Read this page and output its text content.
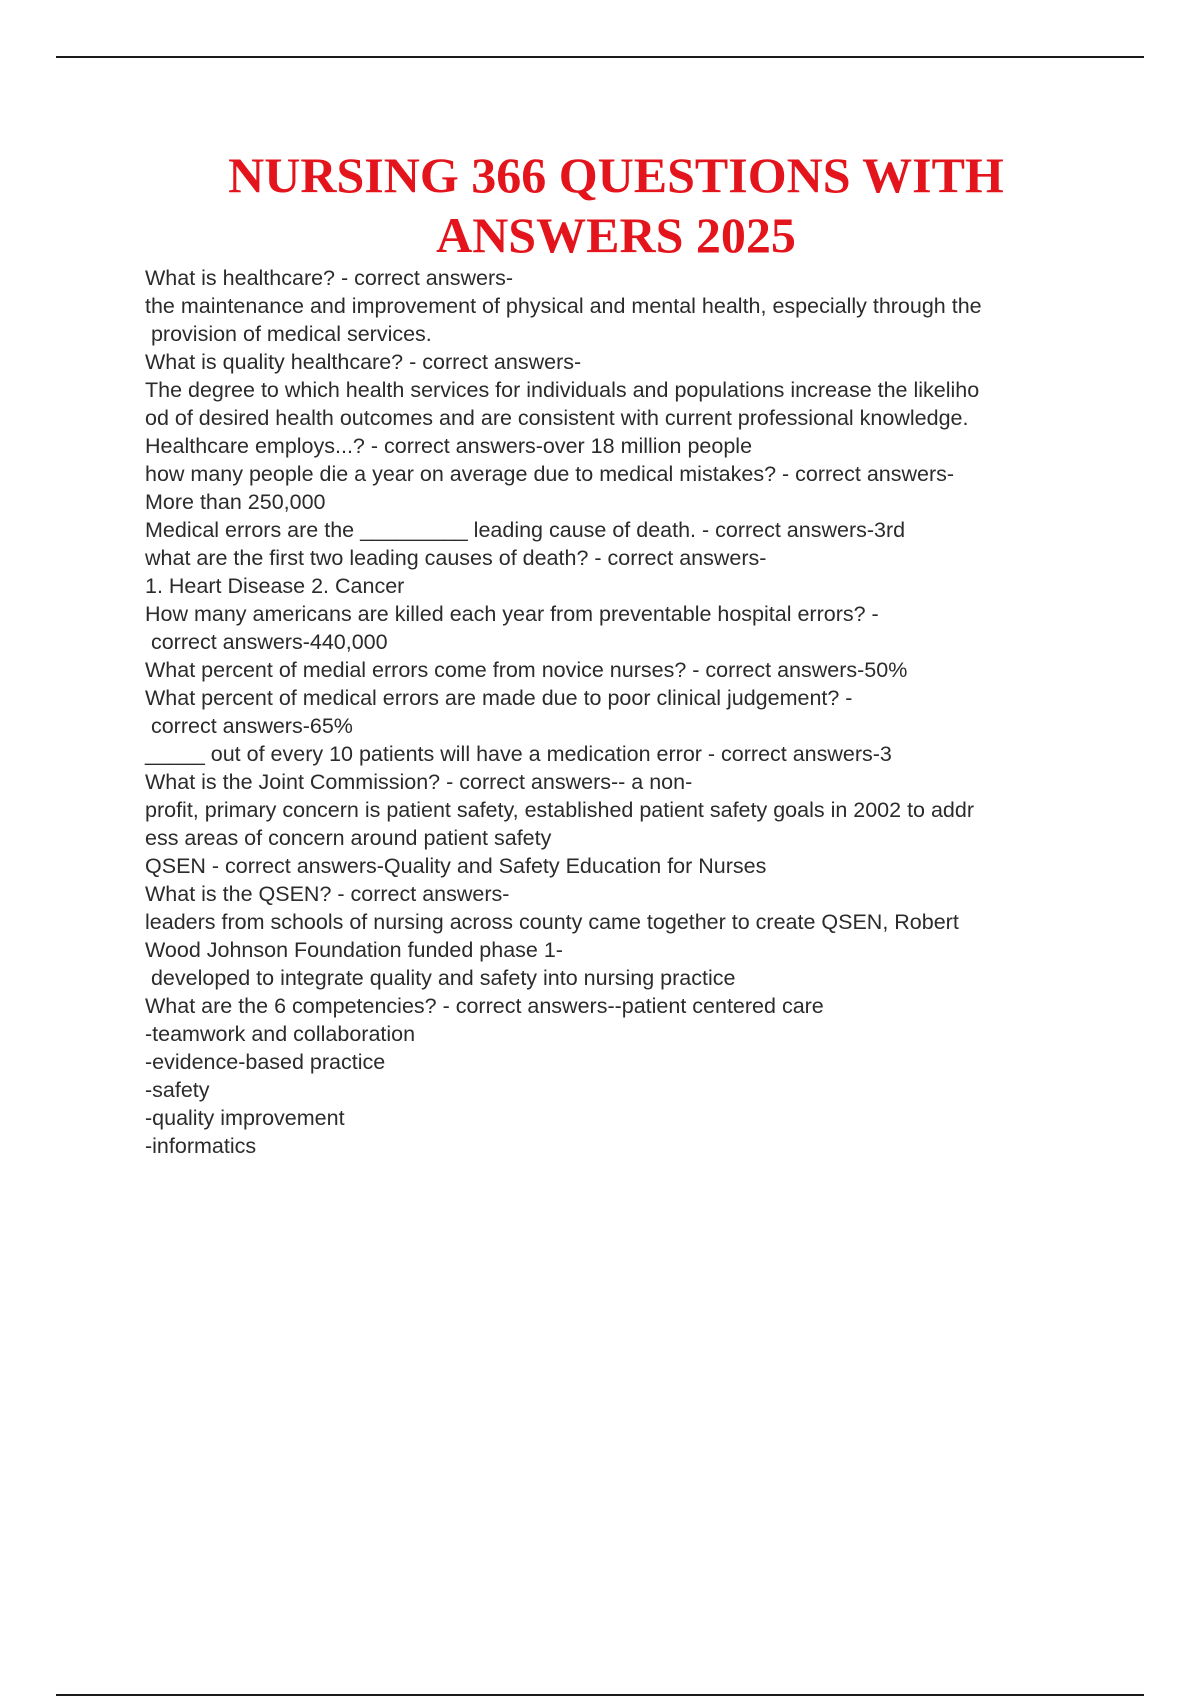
NURSING 366 QUESTIONS WITH
ANSWERS 2025
What is healthcare? - correct answers-
the maintenance and improvement of physical and mental health, especially through the
provision of medical services.
What is quality healthcare? - correct answers-
The degree to which health services for individuals and populations increase the likeliho
od of desired health outcomes and are consistent with current professional knowledge.
Healthcare employs...? - correct answers-over 18 million people
how many people die a year on average due to medical mistakes? - correct answers-
More than 250,000
Medical errors are the _________ leading cause of death. - correct answers-3rd
what are the first two leading causes of death? - correct answers-
1. Heart Disease 2. Cancer
How many americans are killed each year from preventable hospital errors? -
correct answers-440,000
What percent of medial errors come from novice nurses? - correct answers-50%
What percent of medical errors are made due to poor clinical judgement? -
correct answers-65%
_____ out of every 10 patients will have a medication error - correct answers-3
What is the Joint Commission? - correct answers-- a non-
profit, primary concern is patient safety, established patient safety goals in 2002 to addr
ess areas of concern around patient safety
QSEN - correct answers-Quality and Safety Education for Nurses
What is the QSEN? - correct answers-
leaders from schools of nursing across county came together to create QSEN, Robert
Wood Johnson Foundation funded phase 1-
developed to integrate quality and safety into nursing practice
What are the 6 competencies? - correct answers--patient centered care
-teamwork and collaboration
-evidence-based practice
-safety
-quality improvement
-informatics
